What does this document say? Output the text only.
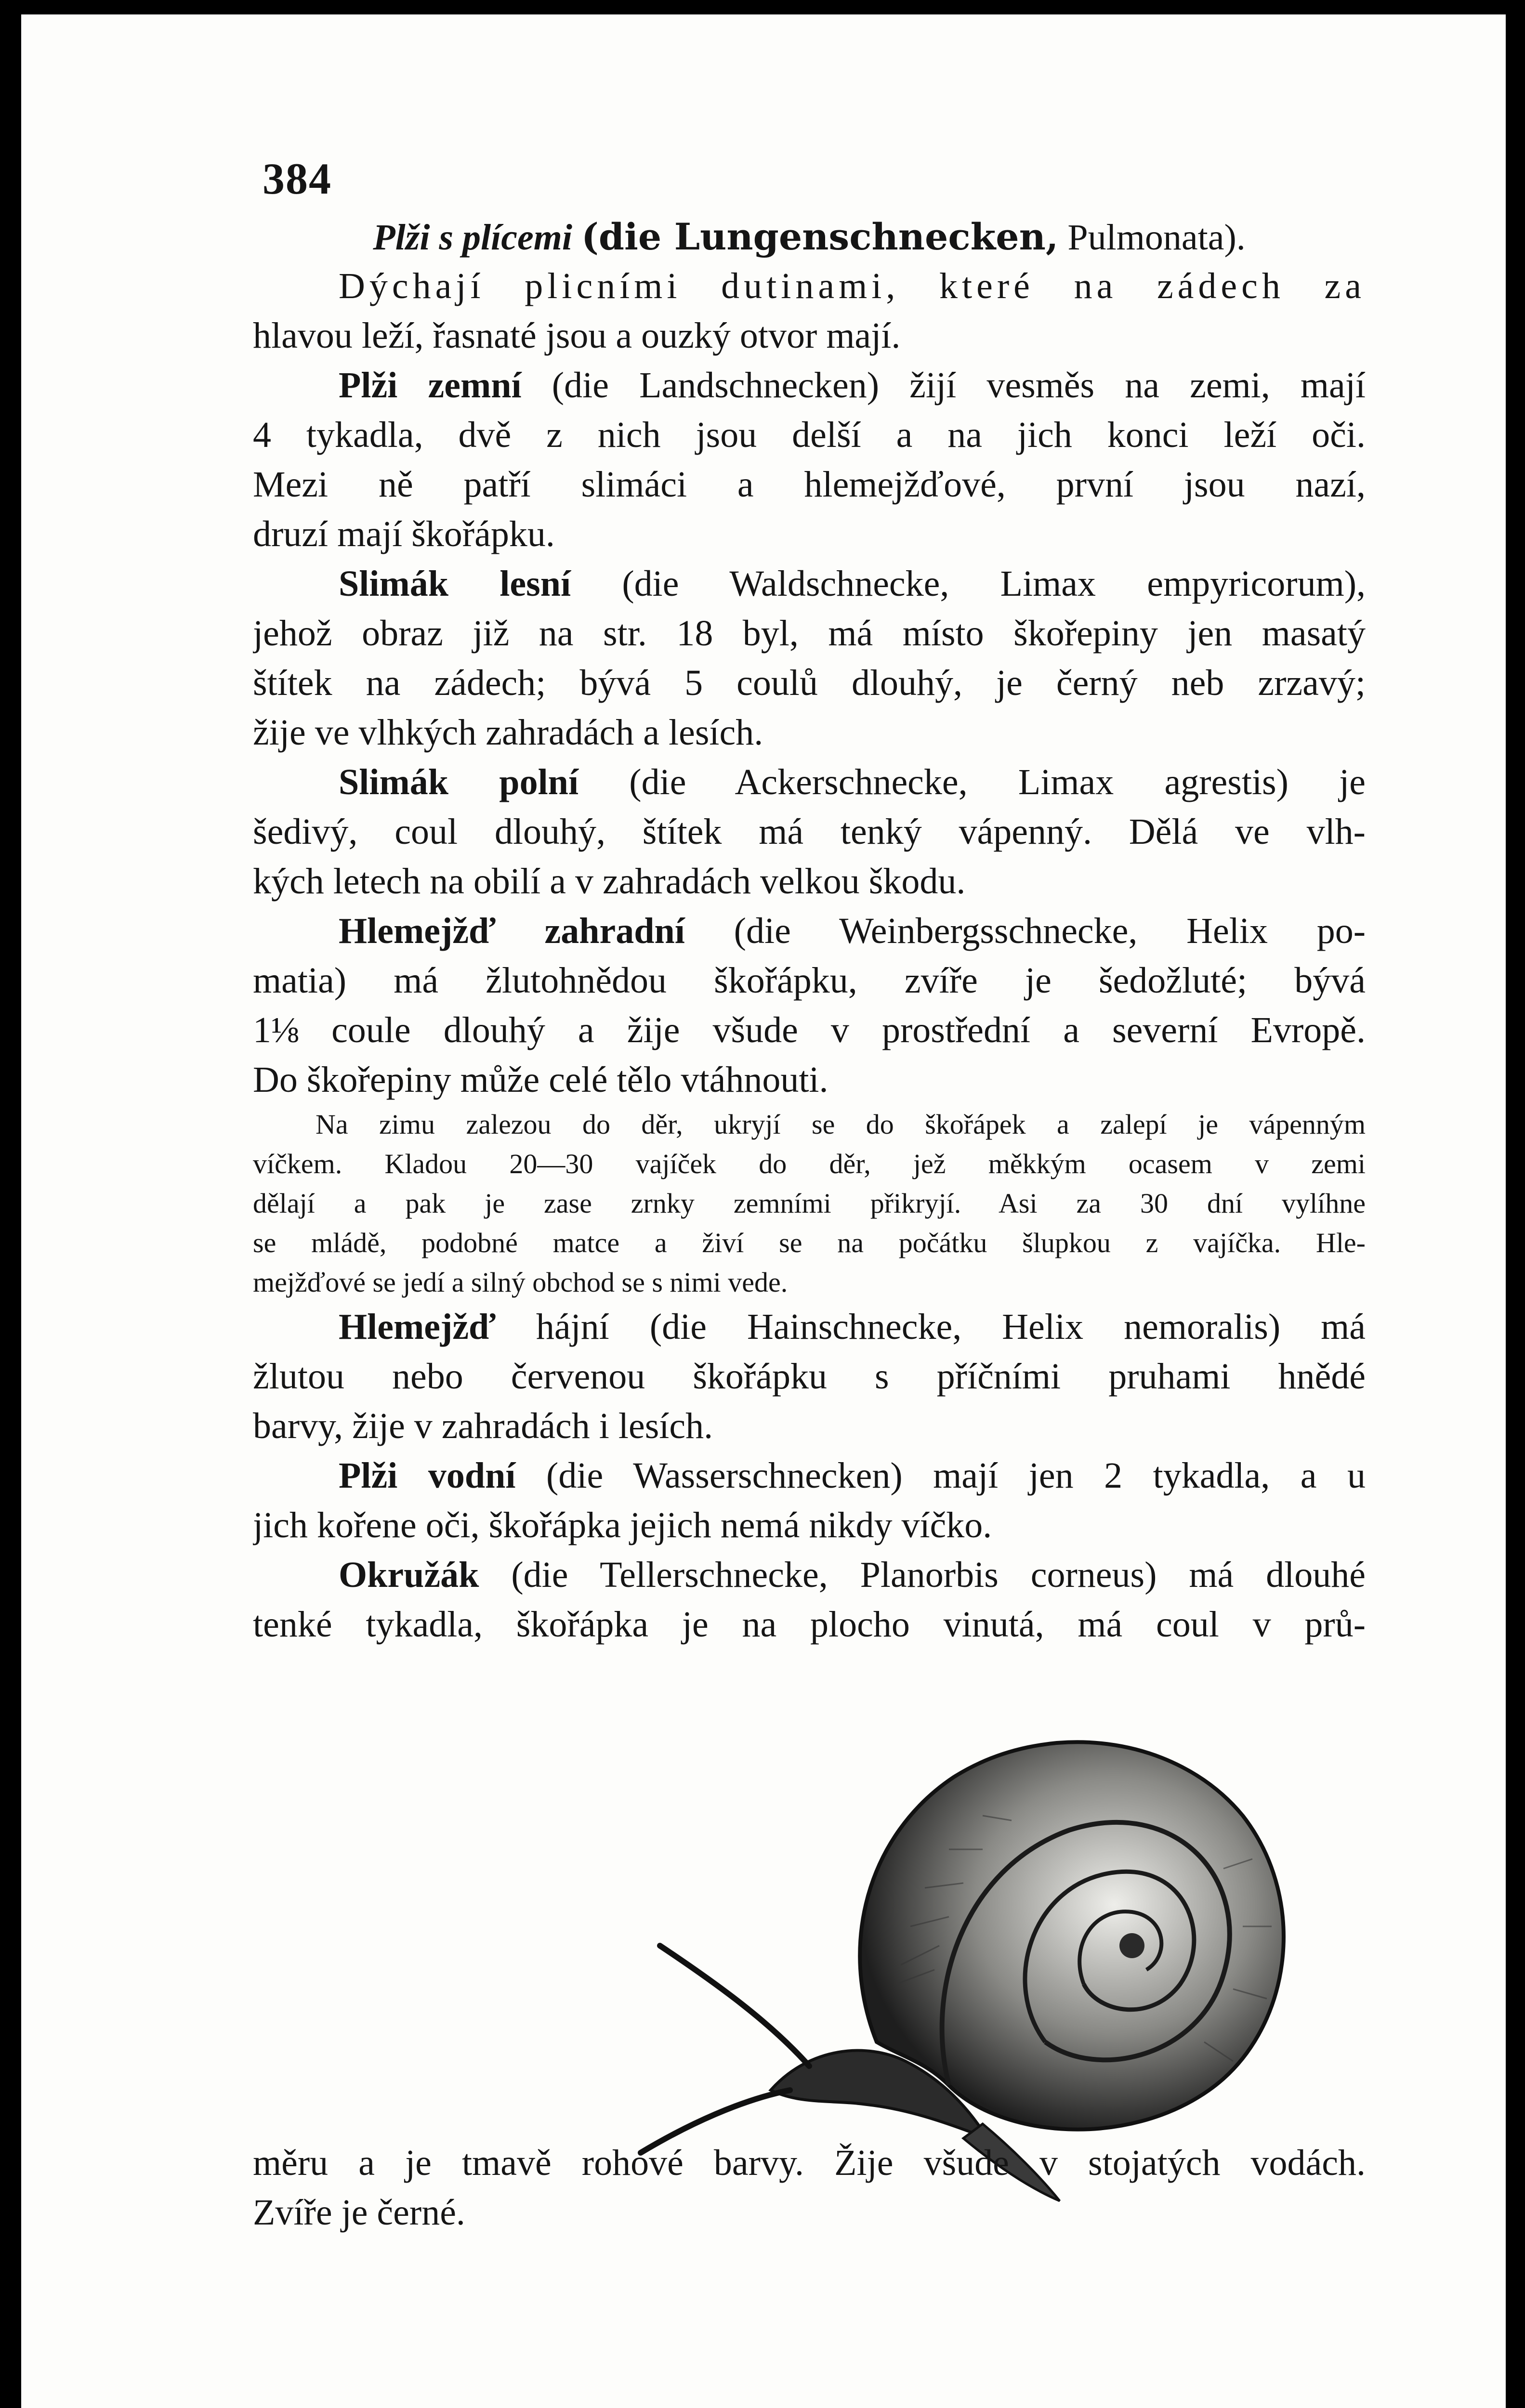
384
Plži s plícemi (die Lungenschnecken, Pulmonata).
Dýchají plicními dutinami, které na zádech za
hlavou leží, řasnaté jsou a ouzký otvor mají.
Plži zemní (die Landschnecken) žijí vesměs na zemi, mají
4 tykadla, dvě z nich jsou delší a na jich konci leží oči.
Mezi ně patří slimáci a hlemejžďové, první jsou nazí,
druzí mají škořápku.
Slimák lesní (die Waldschnecke, Limax empyricorum),
jehož obraz již na str. 18 byl, má místo škořepiny jen masatý
štítek na zádech; bývá 5 coulů dlouhý, je černý neb zrzavý;
žije ve vlhkých zahradách a lesích.
Slimák polní (die Ackerschnecke, Limax agrestis) je
šedivý, coul dlouhý, štítek má tenký vápenný. Dělá ve vlh-
kých letech na obilí a v zahradách velkou škodu.
Hlemejžď zahradní (die Weinbergsschnecke, Helix po-
matia) má žlutohnědou škořápku, zvíře je šedožluté; bývá
1⅛ coule dlouhý a žije všude v prostřední a severní Evropě.
Do škořepiny může celé tělo vtáhnouti.
Na zimu zalezou do děr, ukryjí se do škořápek a zalepí je vápenným
víčkem. Kladou 20—30 vajíček do děr, jež měkkým ocasem v zemi
dělají a pak je zase zrnky zemními přikryjí. Asi za 30 dní vylíhne
se mládě, podobné matce a živí se na počátku šlupkou z vajíčka. Hle-
mejžďové se jedí a silný obchod se s nimi vede.
Hlemejžď hájní (die Hainschnecke, Helix nemoralis) má
žlutou nebo červenou škořápku s příčními pruhami hnědé
barvy, žije v zahradách i lesích.
Plži vodní (die Wasserschnecken) mají jen 2 tykadla, a u
jich kořene oči, škořápka jejich nemá nikdy víčko.
Okružák (die Tellerschnecke, Planorbis corneus) má dlouhé
tenké tykadla, škořápka je na plocho vinutá, má coul v prů-
měru a je tmavě rohové barvy. Žije všude v stojatých vodách.
Zvíře je černé.
